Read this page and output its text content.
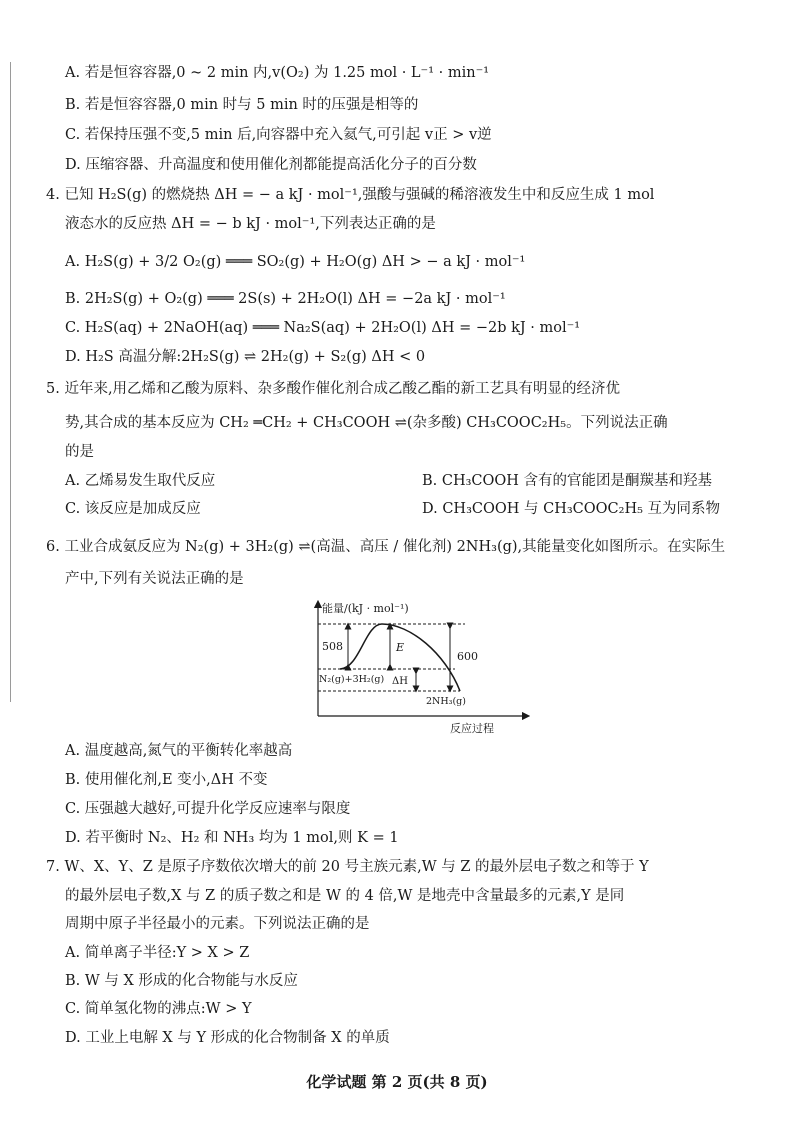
A. 若是恒容容器,0 ~ 2 min 内,v(O₂) 为 1.25 mol · L⁻¹ · min⁻¹
B. 若是恒容容器,0 min 时与 5 min 时的压强是相等的
C. 若保持压强不变,5 min 后,向容器中充入氦气,可引起 v正 > v逆
D. 压缩容器、升高温度和使用催化剂都能提高活化分子的百分数
4. 已知 H₂S(g) 的燃烧热 ΔH = − a kJ · mol⁻¹,强酸与强碱的稀溶液发生中和反应生成 1 mol
液态水的反应热 ΔH = − b kJ · mol⁻¹,下列表达正确的是
A. H₂S(g) + 3/2 O₂(g) ═══ SO₂(g) + H₂O(g) ΔH > − a kJ · mol⁻¹
B. 2H₂S(g) + O₂(g) ═══ 2S(s) + 2H₂O(l) ΔH = −2a kJ · mol⁻¹
C. H₂S(aq) + 2NaOH(aq) ═══ Na₂S(aq) + 2H₂O(l) ΔH = −2b kJ · mol⁻¹
D. H₂S 高温分解:2H₂S(g) ⇌ 2H₂(g) + S₂(g) ΔH < 0
5. 近年来,用乙烯和乙酸为原料、杂多酸作催化剂合成乙酸乙酯的新工艺具有明显的经济优
势,其合成的基本反应为 CH₂ ═CH₂ + CH₃COOH ⇌(杂多酸) CH₃COOC₂H₅。下列说法正确
的是
A. 乙烯易发生取代反应	B. CH₃COOH 含有的官能团是酮羰基和羟基
C. 该反应是加成反应	D. CH₃COOH 与 CH₃COOC₂H₅ 互为同系物
6. 工业合成氨反应为 N₂(g) + 3H₂(g) ⇌(高温、高压 / 催化剂) 2NH₃(g),其能量变化如图所示。在实际生
产中,下列有关说法正确的是
能量/(kJ · mol⁻¹)
反应过程
508	E
600
ΔH
N₂(g)+3H₂(g)
2NH₃(g)
A. 温度越高,氮气的平衡转化率越高
B. 使用催化剂,E 变小,ΔH 不变
C. 压强越大越好,可提升化学反应速率与限度
D. 若平衡时 N₂、H₂ 和 NH₃ 均为 1 mol,则 K = 1
7. W、X、Y、Z 是原子序数依次增大的前 20 号主族元素,W 与 Z 的最外层电子数之和等于 Y
的最外层电子数,X 与 Z 的质子数之和是 W 的 4 倍,W 是地壳中含量最多的元素,Y 是同
周期中原子半径最小的元素。下列说法正确的是
A. 简单离子半径:Y > X > Z
B. W 与 X 形成的化合物能与水反应
C. 简单氢化物的沸点:W > Y
D. 工业上电解 X 与 Y 形成的化合物制备 X 的单质
化学试题 第 2 页(共 8 页)
